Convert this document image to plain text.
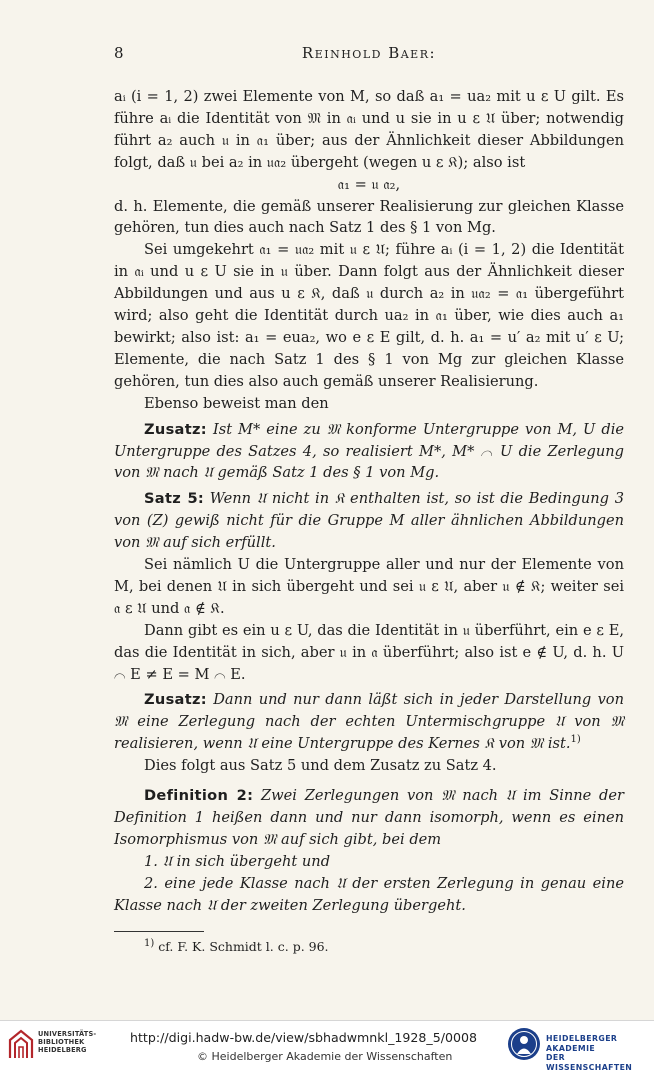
8	Reinhold Baer:

aᵢ (i = 1, 2) zwei Elemente von M, so daß a₁ = ua₂ mit u ε U gilt. Es führe aᵢ die Identität von 𝔐 in 𝔞ᵢ und u sie in u ε 𝔘 über; notwendig führt a₂ auch 𝔲 in 𝔞₁ über; aus der Ähnlichkeit dieser Abbildungen folgt, daß 𝔲 bei a₂ in 𝔲𝔞₂ übergeht (wegen u ε 𝔎); also ist

𝔞₁ = 𝔲 𝔞₂,

d. h. Elemente, die gemäß unserer Realisierung zur gleichen Klasse gehören, tun dies auch nach Satz 1 des § 1 von Mg.

Sei umgekehrt 𝔞₁ = 𝔲𝔞₂ mit 𝔲 ε 𝔘; führe aᵢ (i = 1, 2) die Identität in 𝔞ᵢ und u ε U sie in 𝔲 über. Dann folgt aus der Ähnlichkeit dieser Abbildungen und aus u ε 𝔎, daß 𝔲 durch a₂ in 𝔲𝔞₂ = 𝔞₁ übergeführt wird; also geht die Identität durch ua₂ in 𝔞₁ über, wie dies auch a₁ bewirkt; also ist: a₁ = eua₂, wo e ε E gilt, d. h. a₁ = u′ a₂ mit u′ ε U; Elemente, die nach Satz 1 des § 1 von Mg zur gleichen Klasse gehören, tun dies also auch gemäß unserer Realisierung.

Ebenso beweist man den

Zusatz: Ist M* eine zu 𝔐 konforme Untergruppe von M, U die Untergruppe des Satzes 4, so realisiert M*, M* ⌒ U die Zerlegung von 𝔐 nach 𝔘 gemäß Satz 1 des § 1 von Mg.

Satz 5: Wenn 𝔘 nicht in 𝔎 enthalten ist, so ist die Bedingung 3 von (Z) gewiß nicht für die Gruppe M aller ähnlichen Abbildungen von 𝔐 auf sich erfüllt.

Sei nämlich U die Untergruppe aller und nur der Elemente von M, bei denen 𝔘 in sich übergeht und sei 𝔲 ε 𝔘, aber 𝔲 ∉ 𝔎; weiter sei 𝔞 ε 𝔘 und 𝔞 ∉ 𝔎.

Dann gibt es ein u ε U, das die Identität in 𝔲 überführt, ein e ε E, das die Identität in sich, aber 𝔲 in 𝔞 überführt; also ist e ∉ U, d. h. U ⌒ E ≠ E = M ⌒ E.

Zusatz: Dann und nur dann läßt sich in jeder Darstellung von 𝔐 eine Zerlegung nach der echten Untermischgruppe 𝔘 von 𝔐 realisieren, wenn 𝔘 eine Untergruppe des Kernes 𝔎 von 𝔐 ist.$^{1)}$

Dies folgt aus Satz 5 und dem Zusatz zu Satz 4.

Definition 2: Zwei Zerlegungen von 𝔐 nach 𝔘 im Sinne der Definition 1 heißen dann und nur dann isomorph, wenn es einen Isomorphismus von 𝔐 auf sich gibt, bei dem

1. 𝔘 in sich übergeht und

2. eine jede Klasse nach 𝔘 der ersten Zerlegung in genau eine Klasse nach 𝔘 der zweiten Zerlegung übergeht.

$^{1)}$ cf. F. K. Schmidt l. c. p. 96.

UNIVERSITÄTS-
BIBLIOTHEK
HEIDELBERG
http://digi.hadw-bw.de/view/sbhadwmnkl_1928_5/0008
© Heidelberger Akademie der Wissenschaften
HEIDELBERGER AKADEMIE
DER WISSENSCHAFTEN
